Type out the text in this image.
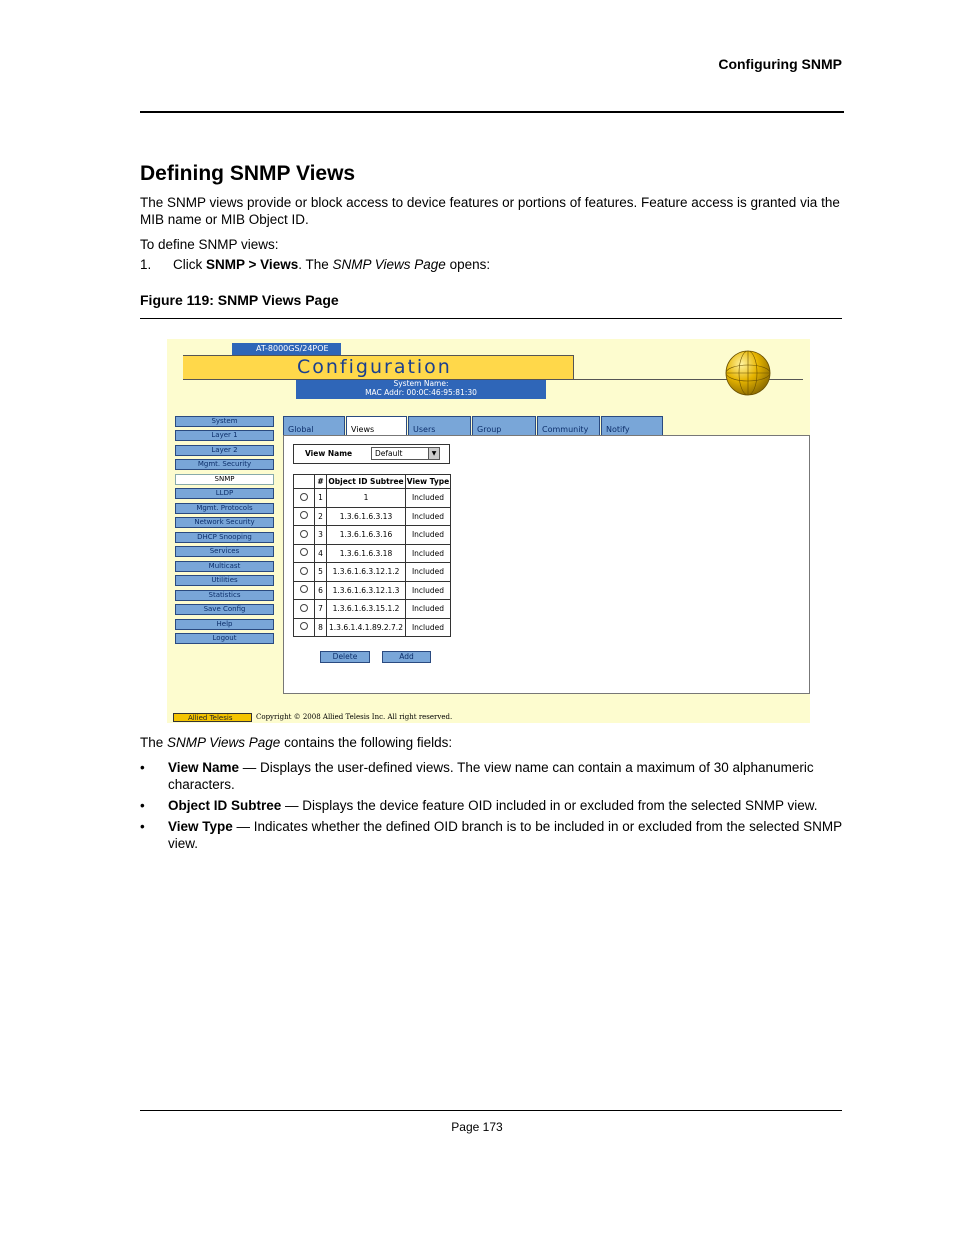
Configuring SNMP
Defining SNMP Views
The SNMP views provide or block access to device features or portions of features. Feature access is granted via the MIB name or MIB Object ID.
To define SNMP views:
1. Click SNMP > Views. The SNMP Views Page opens:
Figure 119: SNMP Views Page
AT-8000GS/24POE
Configuration
System Name:
MAC Addr: 00:0C:46:95:81:30
System
Layer 1
Layer 2
Mgmt. Security
SNMP
LLDP
Mgmt. Protocols
Network Security
DHCP Snooping
Services
Multicast
Utilities
Statistics
Save Config
Help
Logout
Global	Views	Users	Group	Community	Notify
View Name	Default	▼
	#	Object ID Subtree	View Type
	1	1	Included
	2	1.3.6.1.6.3.13	Included
	3	1.3.6.1.6.3.16	Included
	4	1.3.6.1.6.3.18	Included
	5	1.3.6.1.6.3.12.1.2	Included
	6	1.3.6.1.6.3.12.1.3	Included
	7	1.3.6.1.6.3.15.1.2	Included
	8	1.3.6.1.4.1.89.2.7.2	Included
Delete	Add
Allied Telesis	Copyright © 2008 Allied Telesis Inc. All right reserved.
The SNMP Views Page contains the following fields:
• View Name — Displays the user-defined views. The view name can contain a maximum of 30 alphanumeric characters.
• Object ID Subtree — Displays the device feature OID included in or excluded from the selected SNMP view.
• View Type — Indicates whether the defined OID branch is to be included in or excluded from the selected SNMP view.
Page 173
